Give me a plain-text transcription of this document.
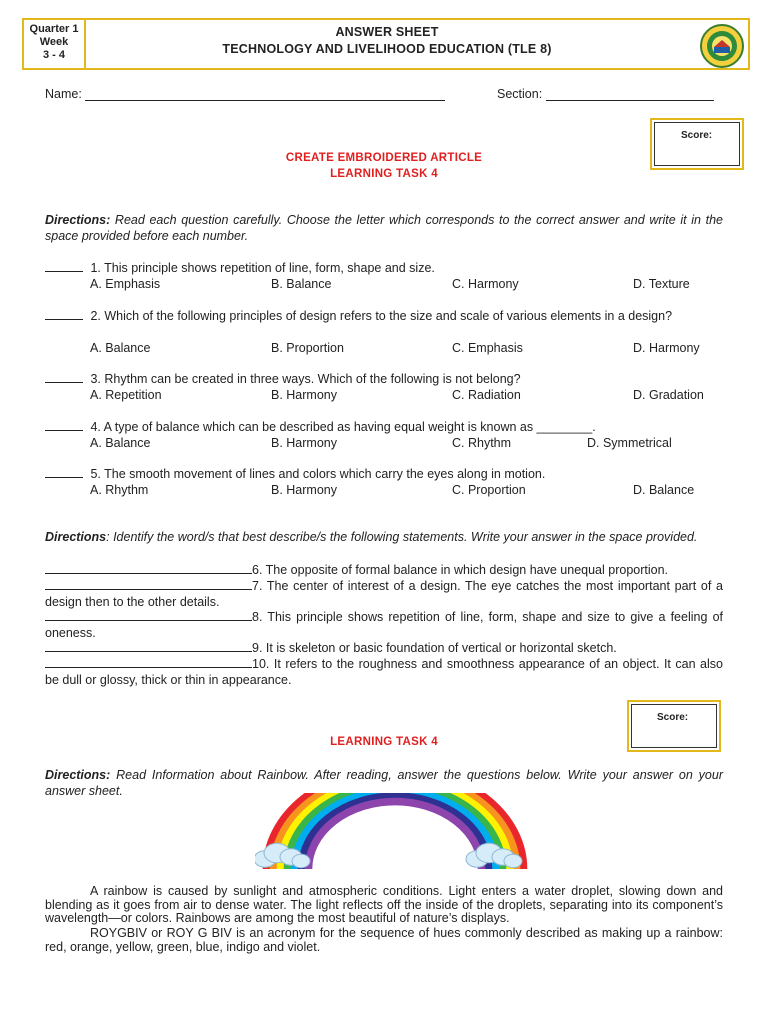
Quarter 1
Week
3 - 4
ANSWER SHEET
TECHNOLOGY AND LIVELIHOOD EDUCATION (TLE 8)
Name:	Section:
Score:
CREATE EMBROIDERED ARTICLE
LEARNING TASK 4
Directions: Read each question carefully. Choose the letter which corresponds to the correct answer and write it in the space provided before each number.
1. This principle shows repetition of line, form, shape and size.
A. Emphasis	B. Balance	C. Harmony	D. Texture
2. Which of the following principles of design refers to the size and scale of various elements in a design?
A. Balance	B. Proportion	C. Emphasis	D. Harmony
3. Rhythm can be created in three ways. Which of the following is not belong?
A. Repetition	B. Harmony	C. Radiation	D. Gradation
4. A type of balance which can be described as having equal weight is known as ________.
A. Balance	B. Harmony	C. Rhythm	D. Symmetrical
5. The smooth movement of lines and colors which carry the eyes along in motion.
A. Rhythm	B. Harmony	C. Proportion	D. Balance
Directions: Identify the word/s that best describe/s the following statements. Write your answer in the space provided.
6. The opposite of formal balance in which design have unequal proportion.
7. The center of interest of a design. The eye catches the most important part of a design then to the other details.
8. This principle shows repetition of line, form, shape and size to give a feeling of oneness.
9. It is skeleton or basic foundation of vertical or horizontal sketch.
10. It refers to the roughness and smoothness appearance of an object. It can also be dull or glossy, thick or thin in appearance.
Score:
LEARNING TASK 4
Directions: Read Information about Rainbow. After reading, answer the questions below. Write your answer on your answer sheet.
A rainbow is caused by sunlight and atmospheric conditions. Light enters a water droplet, slowing down and blending as it goes from air to dense water. The light reflects off the inside of the droplets, separating into its component’s wavelength—or colors. Rainbows are among the most beautiful of nature’s displays.
ROYGBIV or ROY G BIV is an acronym for the sequence of hues commonly described as making up a rainbow: red, orange, yellow, green, blue, indigo and violet.
